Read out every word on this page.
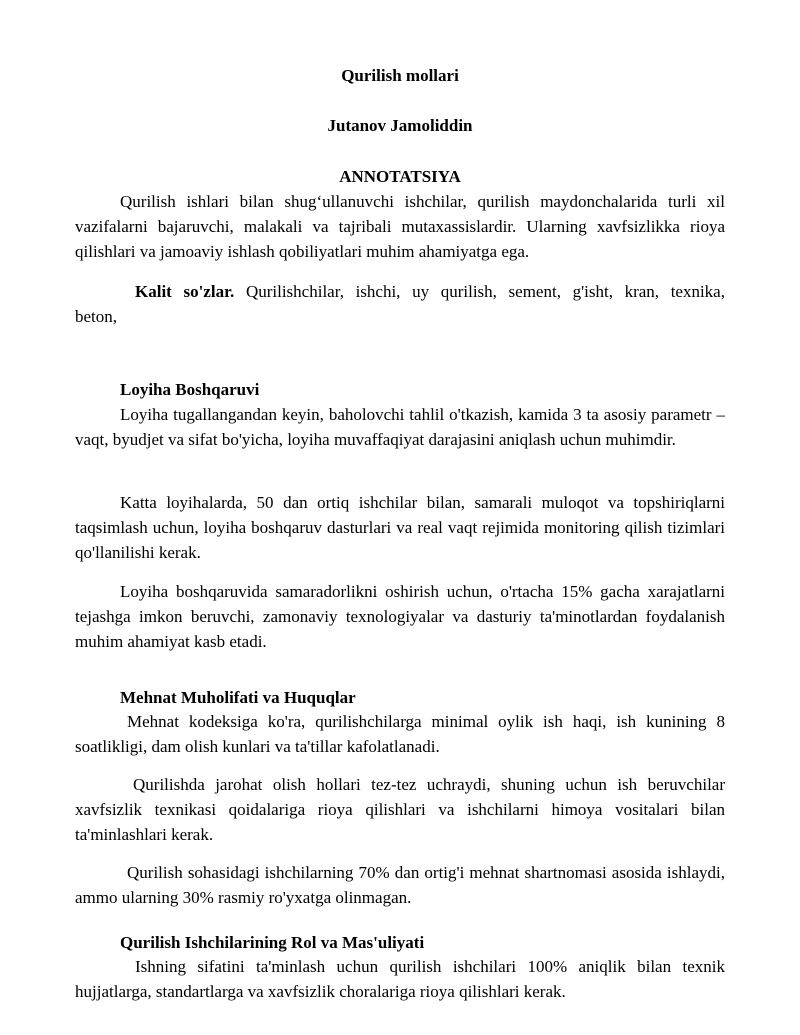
Qurilish mollari
Jutanov Jamoliddin
ANNOTATSIYA

Qurilish ishlari bilan shug‘ullanuvchi ishchilar, qurilish maydonchalarida turli xil vazifalarni bajaruvchi, malakali va tajribali mutaxassislardir. Ularning xavfsizlikka rioya qilishlari va jamoaviy ishlash qobiliyatlari muhim ahamiyatga ega.

Kalit so'zlar. Qurilishchilar, ishchi, uy qurilish, sement, g'isht, kran, texnika, beton,

Loyiha Boshqaruvi

Loyiha tugallangandan keyin, baholovchi tahlil o'tkazish, kamida 3 ta asosiy parametr – vaqt, byudjet va sifat bo'yicha, loyiha muvaffaqiyat darajasini aniqlash uchun muhimdir.

Katta loyihalarda, 50 dan ortiq ishchilar bilan, samarali muloqot va topshiriqlarni taqsimlash uchun, loyiha boshqaruv dasturlari va real vaqt rejimida monitoring qilish tizimlari qo'llanilishi kerak.

Loyiha boshqaruvida samaradorlikni oshirish uchun, o'rtacha 15% gacha xarajatlarni tejashga imkon beruvchi, zamonaviy texnologiyalar va dasturiy ta'minotlardan foydalanish muhim ahamiyat kasb etadi.

Mehnat Muholifati va Huquqlar

Mehnat kodeksiga ko'ra, qurilishchilarga minimal oylik ish haqi, ish kunining 8 soatlikligi, dam olish kunlari va ta'tillar kafolatlanadi.

Qurilishda jarohat olish hollari tez-tez uchraydi, shuning uchun ish beruvchilar xavfsizlik texnikasi qoidalariga rioya qilishlari va ishchilarni himoya vositalari bilan ta'minlashlari kerak.

Qurilish sohasidagi ishchilarning 70% dan ortig'i mehnat shartnomasi asosida ishlaydi, ammo ularning 30% rasmiy ro'yxatga olinmagan.

Qurilish Ishchilarining Rol va Mas'uliyati

Ishning sifatini ta'minlash uchun qurilish ishchilari 100% aniqlik bilan texnik hujjatlarga, standartlarga va xavfsizlik choralariga rioya qilishlari kerak.
